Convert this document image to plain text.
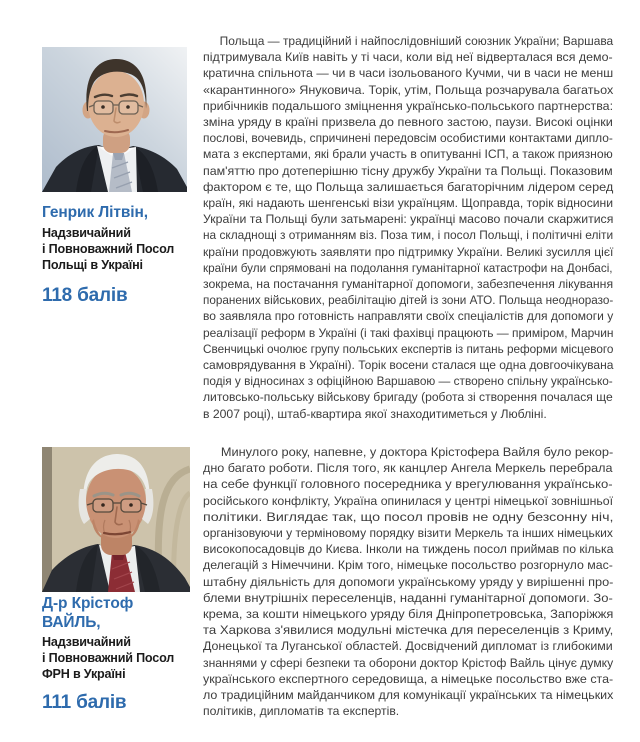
Генрик Літвін,
Надзвичайний
і Повноважний Посол
Польщі в Україні
118 балів
Д-р Крістоф
ВАЙЛЬ,
Надзвичайний
і Повноважний Посол
ФРН в Україні
111 балів
Польща — традиційний і найпослідовніший союзник України; Варшава
підтримувала Київ навіть у ті часи, коли від неї відверталася вся демо-
кратична спільнота — чи в часи ізольованого Кучми, чи в часи не менш
«карантинного» Януковича. Торік, утім, Польща розчарувала багатьох
прибічників подальшого зміцнення українсько-польського партнерства:
зміна уряду в країні призвела до певного застою, паузи. Високі оцінки
послові, вочевидь, спричинені передовсім особистими контактами дипло-
мата з експертами, які брали участь в опитуванні ІСП, а також приязною
пам'яттю про дотеперішню тісну дружбу України та Польщі. Показовим
фактором є те, що Польща залишається багаторічним лідером серед
країн, які надають шенгенські візи українцям. Щоправда, торік відносини
України та Польщі були затьмарені: українці масово почали скаржитися
на складнощі з отриманням віз. Поза тим, і посол Польщі, і політичні еліти
країни продовжують заявляти про підтримку України. Великі зусилля цієї
країни були спрямовані на подолання гуманітарної катастрофи на Донбасі,
зокрема, на постачання гуманітарної допомоги, забезпечення лікування
поранених військових, реабілітацію дітей із зони АТО. Польща неодноразо-
во заявляла про готовність направляти своїх спеціалістів для допомоги у
реалізації реформ в Україні (і такі фахівці працюють — приміром, Марчин
Свенчицькі очолює групу польських експертів із питань реформи місцевого
самоврядування в Україні). Торік восени сталася ще одна довгоочікувана
подія у відносинах з офіційною Варшавою — створено спільну українсько-
литовсько-польську військову бригаду (робота зі створення почалася ще
в 2007 році), штаб-квартира якої знаходитиметься у Любліні.
Минулого року, напевне, у доктора Крістофера Вайля було рекор-
дно багато роботи. Після того, як канцлер Ангела Меркель перебрала
на себе функції головного посередника у врегулювання українсько-
російського конфлікту, Україна опинилася у центрі німецької зовнішньої
політики. Виглядає так, що посол провів не одну безсонну ніч,
організовуючи у терміновому порядку візити Меркель та інших німецьких
високопосадовців до Києва. Інколи на тиждень посол приймав по кілька
делегацій з Німеччини. Крім того, німецьке посольство розгорнуло мас-
штабну діяльність для допомоги українському уряду у вирішенні про-
блеми внутрішніх переселенців, наданні гуманітарної допомоги. Зо-
крема, за кошти німецького уряду біля Дніпропетровська, Запоріжжя
та Харкова з'явилися модульні містечка для переселенців з Криму,
Донецької та Луганської областей. Досвідчений дипломат із глибокими
знаннями у сфері безпеки та оборони доктор Крістоф Вайль цінує думку
українського експертного середовища, а німецьке посольство вже ста-
ло традиційним майданчиком для комунікації українських та німецьких
політиків, дипломатів та експертів.
